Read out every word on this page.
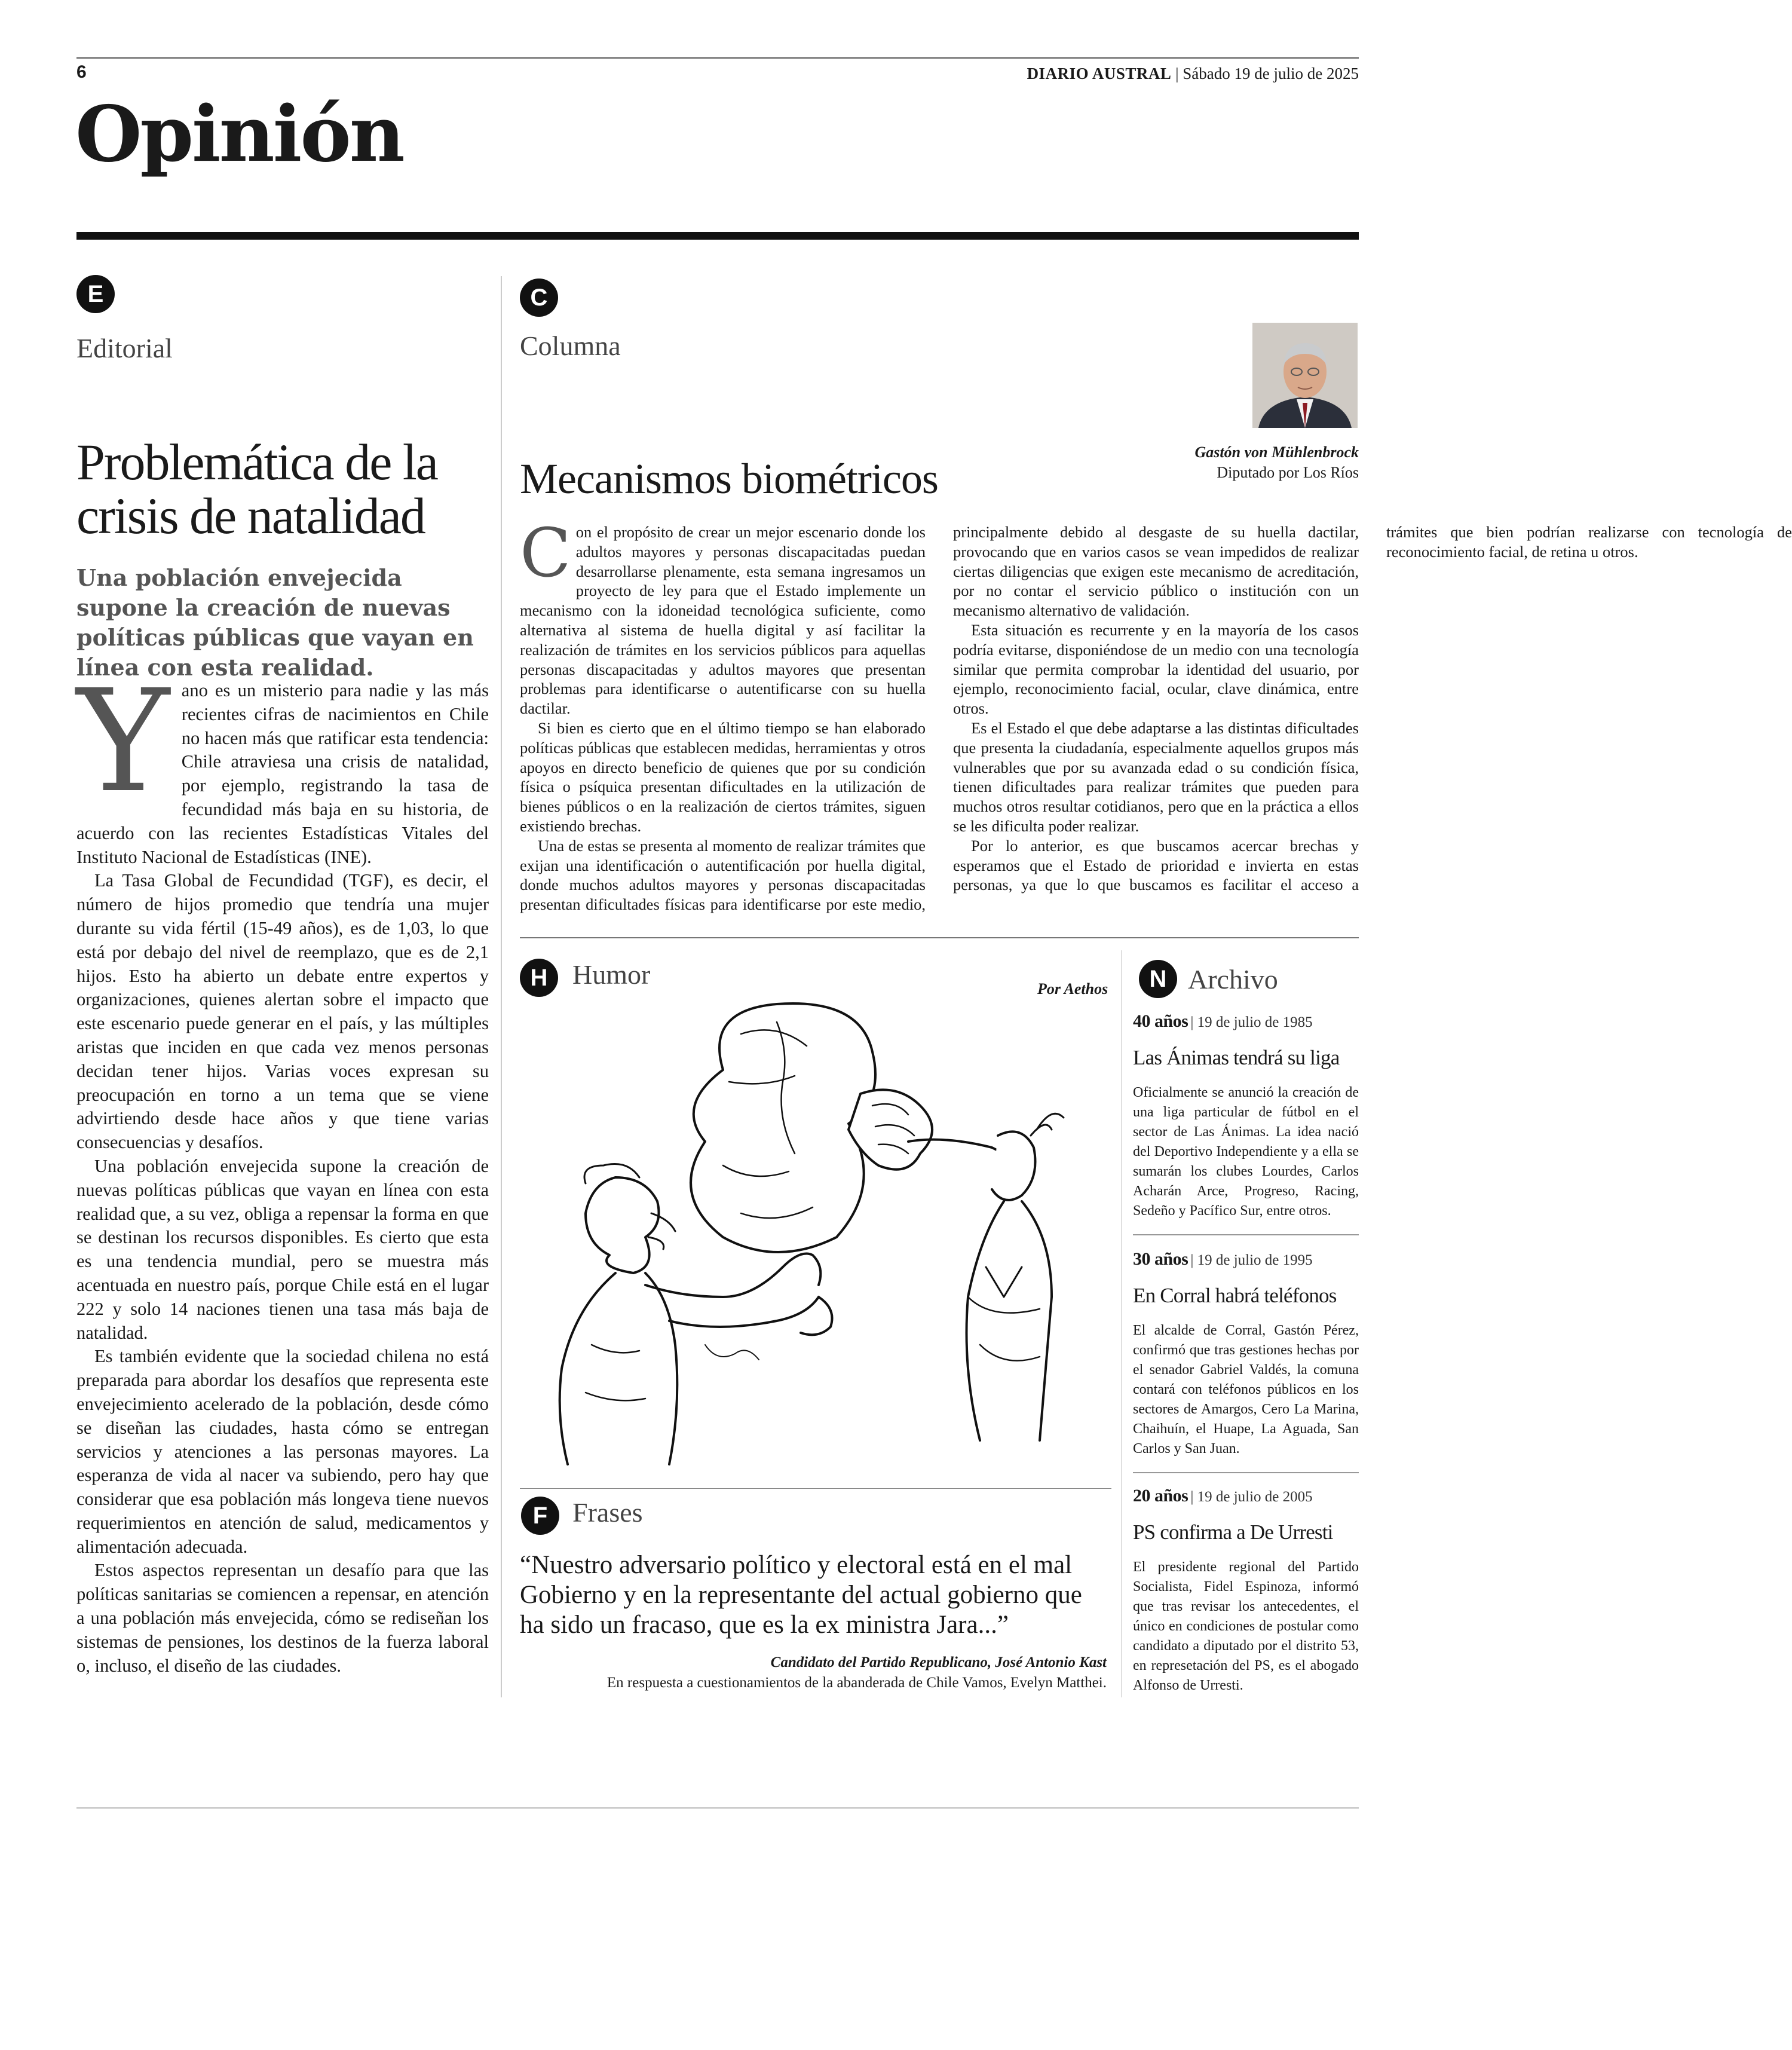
6	DIARIO AUSTRAL | Sábado 19 de julio de 2025
Opinión
E
Editorial
Problemática de la crisis de natalidad
Una población envejecida supone la creación de nuevas políticas públicas que vayan en línea con esta realidad.

Yano es un misterio para nadie y las más recientes cifras de nacimientos en Chile no hacen más que ratificar esta tendencia: Chile atraviesa una crisis de natalidad, por ejemplo, registrando la tasa de fecundidad más baja en su historia, de acuerdo con las recientes Estadísticas Vitales del Instituto Nacional de Estadísticas (INE).

La Tasa Global de Fecundidad (TGF), es decir, el número de hijos promedio que tendría una mujer durante su vida fértil (15-49 años), es de 1,03, lo que está por debajo del nivel de reemplazo, que es de 2,1 hijos. Esto ha abierto un debate entre expertos y organizaciones, quienes alertan sobre el impacto que este escenario puede generar en el país, y las múltiples aristas que inciden en que cada vez menos personas decidan tener hijos. Varias voces expresan su preocupación en torno a un tema que se viene advirtiendo desde hace años y que tiene varias consecuencias y desafíos.

Una población envejecida supone la creación de nuevas políticas públicas que vayan en línea con esta realidad que, a su vez, obliga a repensar la forma en que se destinan los recursos disponibles. Es cierto que esta es una tendencia mundial, pero se muestra más acentuada en nuestro país, porque Chile está en el lugar 222 y solo 14 naciones tienen una tasa más baja de natalidad.

Es también evidente que la sociedad chilena no está preparada para abordar los desafíos que representa este envejecimiento acelerado de la población, desde cómo se diseñan las ciudades, hasta cómo se entregan servicios y atenciones a las personas mayores. La esperanza de vida al nacer va subiendo, pero hay que considerar que esa población más longeva tiene nuevos requerimientos en atención de salud, medicamentos y alimentación adecuada.

Estos aspectos representan un desafío para que las políticas sanitarias se comiencen a repensar, en atención a una población más envejecida, cómo se rediseñan los sistemas de pensiones, los destinos de la fuerza laboral o, incluso, el diseño de las ciudades.

C
Columna
Gastón von Mühlenbrock
Diputado por Los Ríos
Mecanismos biométricos

Con el propósito de crear un mejor escenario donde los adultos mayores y personas discapacitadas puedan desarrollarse plenamente, esta semana ingresamos un proyecto de ley para que el Estado implemente un mecanismo con la idoneidad tecnológica suficiente, como alternativa al sistema de huella digital y así facilitar la realización de trámites en los servicios públicos para aquellas personas discapacitadas y adultos mayores que presentan problemas para identificarse o autentificarse con su huella dactilar.

Si bien es cierto que en el último tiempo se han elaborado políticas públicas que establecen medidas, herramientas y otros apoyos en directo beneficio de quienes que por su condición física o psíquica presentan dificultades en la utilización de bienes públicos o en la realización de ciertos trámites, siguen existiendo brechas.

Una de estas se presenta al momento de realizar trámites que exijan una identificación o autentificación por huella digital, donde muchos adultos mayores y personas discapacitadas presentan dificultades físicas para identificarse por este medio, principalmente debido al desgaste de su huella dactilar, provocando que en varios casos se vean impedidos de realizar ciertas diligencias que exigen este mecanismo de acreditación, por no contar el servicio público o institución con un mecanismo alternativo de validación.

Esta situación es recurrente y en la mayoría de los casos podría evitarse, disponiéndose de un medio con una tecnología similar que permita comprobar la identidad del usuario, por ejemplo, reconocimiento facial, ocular, clave dinámica, entre otros.

Es el Estado el que debe adaptarse a las distintas dificultades que presenta la ciudadanía, especialmente aquellos grupos más vulnerables que por su avanzada edad o su condición física, tienen dificultades para realizar trámites que pueden para muchos otros resultar cotidianos, pero que en la práctica a ellos se les dificulta poder realizar.

Por lo anterior, es que buscamos acercar brechas y esperamos que el Estado de prioridad e invierta en estas personas, ya que lo que buscamos es facilitar el acceso a trámites que bien podrían realizarse con tecnología de reconocimiento facial, de retina u otros.

H Humor	Por Aethos
F Frases
“Nuestro adversario político y electoral está en el mal Gobierno y en la representante del actual gobierno que ha sido un fracaso, que es la ex ministra Jara...”
Candidato del Partido Republicano, José Antonio Kast
En respuesta a cuestionamientos de la abanderada de Chile Vamos, Evelyn Matthei.
N Archivo
40 años | 19 de julio de 1985
Las Ánimas tendrá su liga
Oficialmente se anunció la creación de una liga particular de fútbol en el sector de Las Ánimas. La idea nació del Deportivo Independiente y a ella se sumarán los clubes Lourdes, Carlos Acharán Arce, Progreso, Racing, Sedeño y Pacífico Sur, entre otros.
30 años | 19 de julio de 1995
En Corral habrá teléfonos
El alcalde de Corral, Gastón Pérez, confirmó que tras gestiones hechas por el senador Gabriel Valdés, la comuna contará con teléfonos públicos en los sectores de Amargos, Cero La Marina, Chaihuín, el Huape, La Aguada, San Carlos y San Juan.
20 años | 19 de julio de 2005
PS confirma a De Urresti
El presidente regional del Partido Socialista, Fidel Espinoza, informó que tras revisar los antecedentes, el único en condiciones de postular como candidato a diputado por el distrito 53, en represetación del PS, es el abogado Alfonso de Urresti.
